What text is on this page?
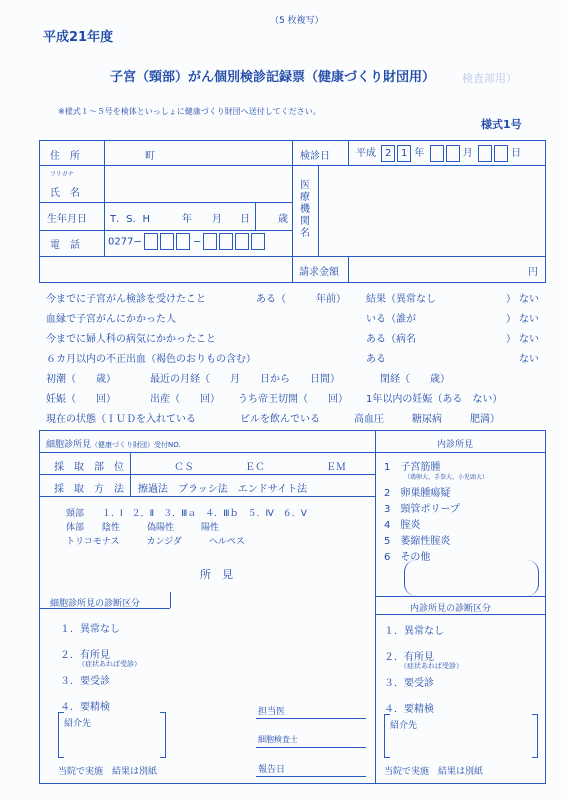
平成21年度
（5 枚複写）
子宮（頸部）がん個別検診記録票（健康づくり財団用） 検査部用）
※様式１～５号を検体といっしょに健康づくり財団へ送付してください。
様式1号
住　所	町	検診日	平成 2 1 年	月	日
フリガナ
氏　名
医療機関名
生年月日 T．S．H	年 月 日	歳
電　話	0277−	−
請求金額	円
今までに子宮がん検診を受けたこと	ある（　　　年前） 結果（異常なし　　　　　　　） ない
血縁で子宮がんにかかった人	いる（誰が　　　　　　　　　） ない
今までに婦人科の病気にかかったこと	ある（病名　　　　　　　　　） ない
６カ月以内の不正出血（褐色のおりもの含む）	ある	ない
初潮（　　歳）	最近の月経（　　月　　日から　　日間）	閉経（　　歳）
妊娠（　　回）	出産（　　回） うち帝王切開（　　回） 1年以内の妊娠（ある　ない）
現在の状態（ＩＵＤを入れている	ピルを飲んでいる	高血圧	糖尿病	肥満）
細胞診所見（健康づくり財団）受付NO.
採　取　部　位	ＣＳ	ＥＣ	ＥＭ
採　取　方　法 擦過法　ブラッシ法　エンドサイト法
頸部 １．Ⅰ　２．Ⅱ　３．Ⅲａ　４．Ⅲｂ　５．Ⅳ　６．Ⅴ
体部　　陰性　　　偽陽性　　　陽性
トリコモナス　　　カンジダ　　　ヘルペス
所　見
細胞診所見の診断区分
１．異常なし
２．有所見
（症状あれば受診）
３．要受診
４．要精検
紹介先
当院で実施　結果は別紙
担当医
細胞検査士
報告日
内診所見
1　 子宮筋腫
（鶏卵大、手拳大、小児頭大）
2　 卵巣腫瘍疑
3　 頸管ポリープ
4　 腟炎
5　 萎縮性腟炎
6　 その他
内診所見の診断区分
１．異常なし
２．有所見
（症状あれば受診）
３．要受診
４．要精検
紹介先
当院で実施　結果は別紙
